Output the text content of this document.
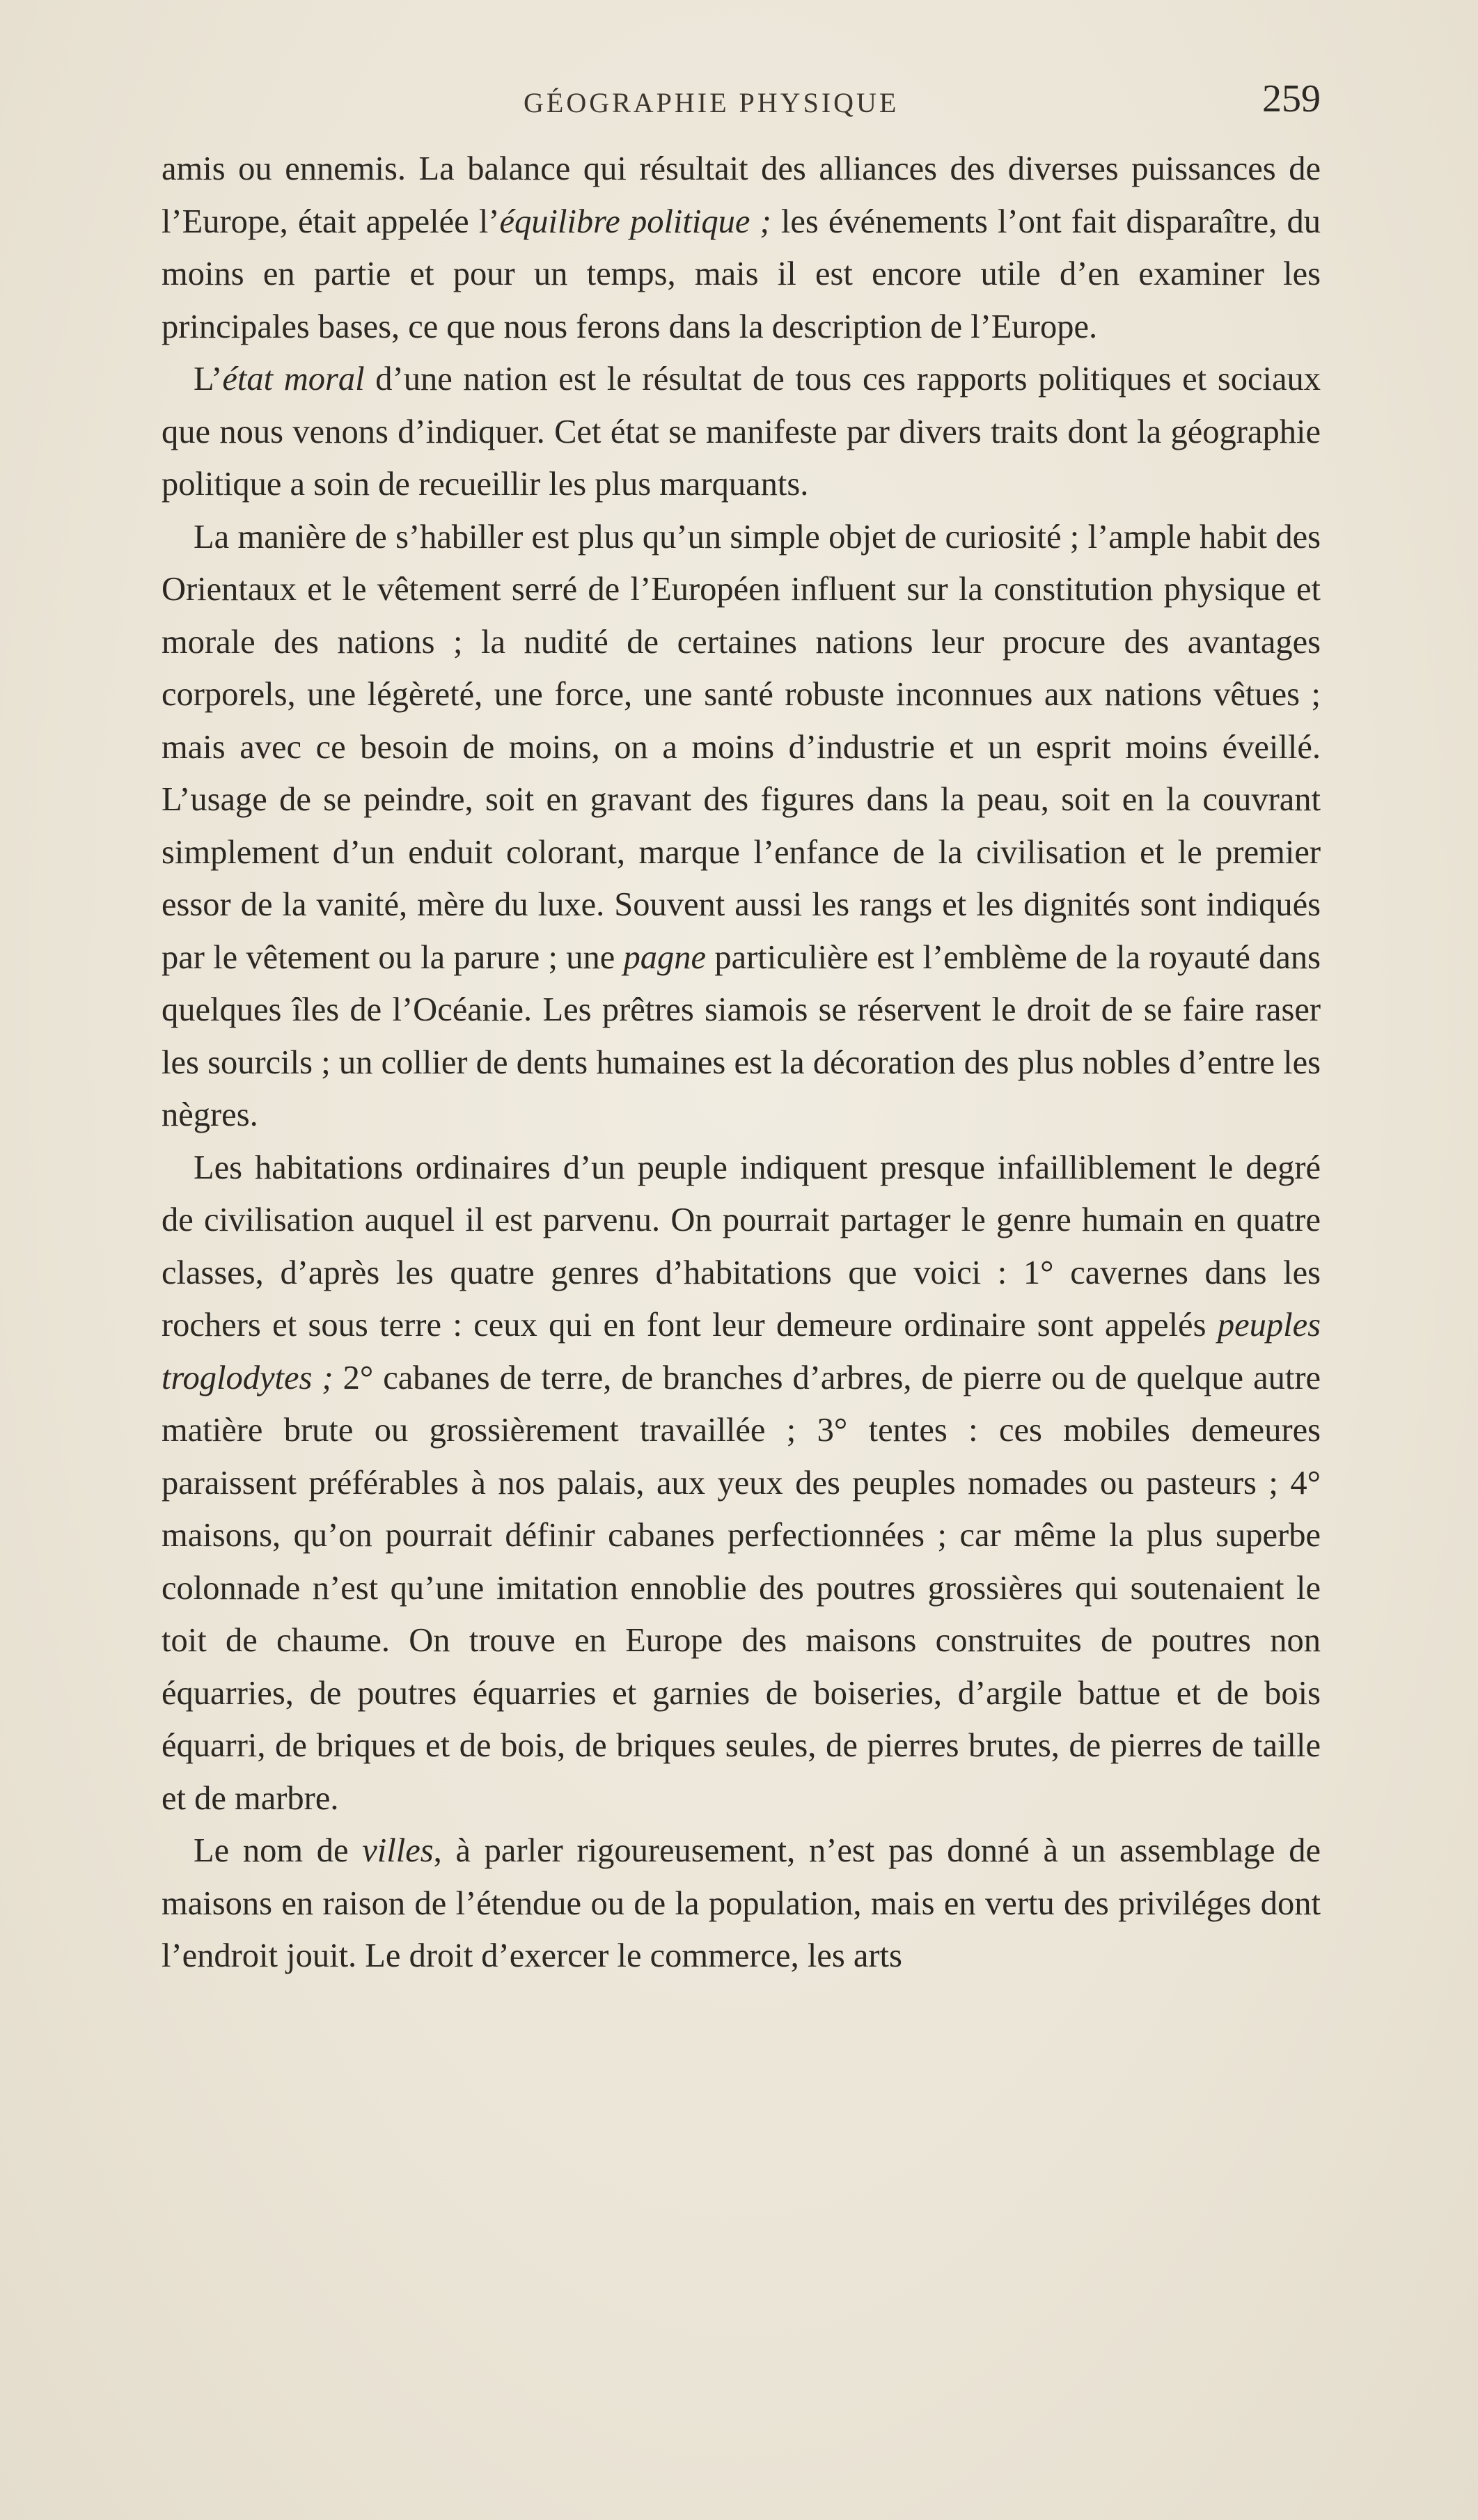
GÉOGRAPHIE PHYSIQUE	259

amis ou ennemis. La balance qui résultait des alliances des diverses puissances de l’Europe, était appelée l’équilibre politique ; les événements l’ont fait disparaître, du moins en partie et pour un temps, mais il est encore utile d’en examiner les principales bases, ce que nous ferons dans la description de l’Europe.

L’état moral d’une nation est le résultat de tous ces rapports politiques et sociaux que nous venons d’indiquer. Cet état se manifeste par divers traits dont la géographie politique a soin de recueillir les plus marquants.

La manière de s’habiller est plus qu’un simple objet de curiosité ; l’ample habit des Orientaux et le vêtement serré de l’Européen influent sur la constitution physique et morale des nations ; la nudité de certaines nations leur procure des avantages corporels, une légèreté, une force, une santé robuste inconnues aux nations vêtues ; mais avec ce besoin de moins, on a moins d’industrie et un esprit moins éveillé. L’usage de se peindre, soit en gravant des figures dans la peau, soit en la couvrant simplement d’un enduit colorant, marque l’enfance de la civilisation et le premier essor de la vanité, mère du luxe. Souvent aussi les rangs et les dignités sont indiqués par le vêtement ou la parure ; une pagne particulière est l’emblème de la royauté dans quelques îles de l’Océanie. Les prêtres siamois se réservent le droit de se faire raser les sourcils ; un collier de dents humaines est la décoration des plus nobles d’entre les nègres.

Les habitations ordinaires d’un peuple indiquent presque infailliblement le degré de civilisation auquel il est parvenu. On pourrait partager le genre humain en quatre classes, d’après les quatre genres d’habitations que voici : 1° cavernes dans les rochers et sous terre : ceux qui en font leur demeure ordinaire sont appelés peuples troglodytes ; 2° cabanes de terre, de branches d’arbres, de pierre ou de quelque autre matière brute ou grossièrement travaillée ; 3° tentes : ces mobiles demeures paraissent préférables à nos palais, aux yeux des peuples nomades ou pasteurs ; 4° maisons, qu’on pourrait définir cabanes perfectionnées ; car même la plus superbe colonnade n’est qu’une imitation ennoblie des poutres grossières qui soutenaient le toit de chaume. On trouve en Europe des maisons construites de poutres non équarries, de poutres équarries et garnies de boiseries, d’argile battue et de bois équarri, de briques et de bois, de briques seules, de pierres brutes, de pierres de taille et de marbre.

Le nom de villes, à parler rigoureusement, n’est pas donné à un assemblage de maisons en raison de l’étendue ou de la population, mais en vertu des priviléges dont l’endroit jouit. Le droit d’exercer le commerce, les arts
